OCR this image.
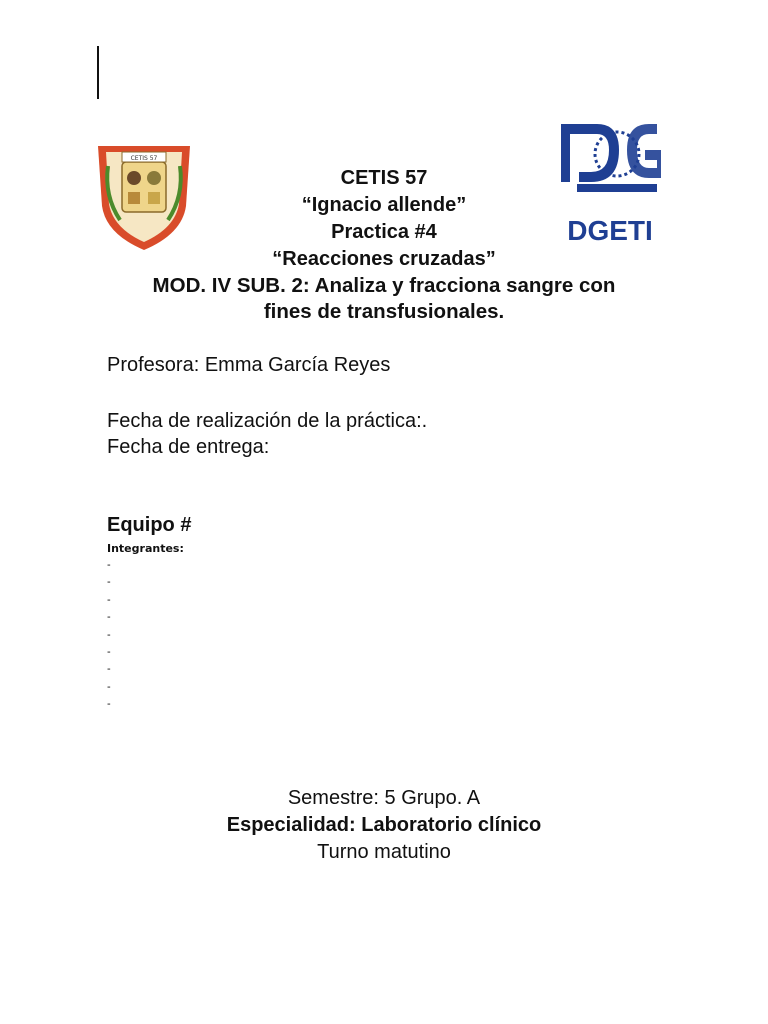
CETIS 57
DGETI
CETIS 57
“Ignacio allende”
Practica #4
“Reacciones cruzadas”
MOD. IV SUB. 2: Analiza y fracciona sangre con
fines de transfusionales.
Profesora: Emma García Reyes
Fecha de realización de la práctica:.
Fecha de entrega:
Equipo #
Integrantes:
-
-
-
-
-
-
-
-
-
Semestre: 5 Grupo. A
Especialidad: Laboratorio clínico
Turno matutino
